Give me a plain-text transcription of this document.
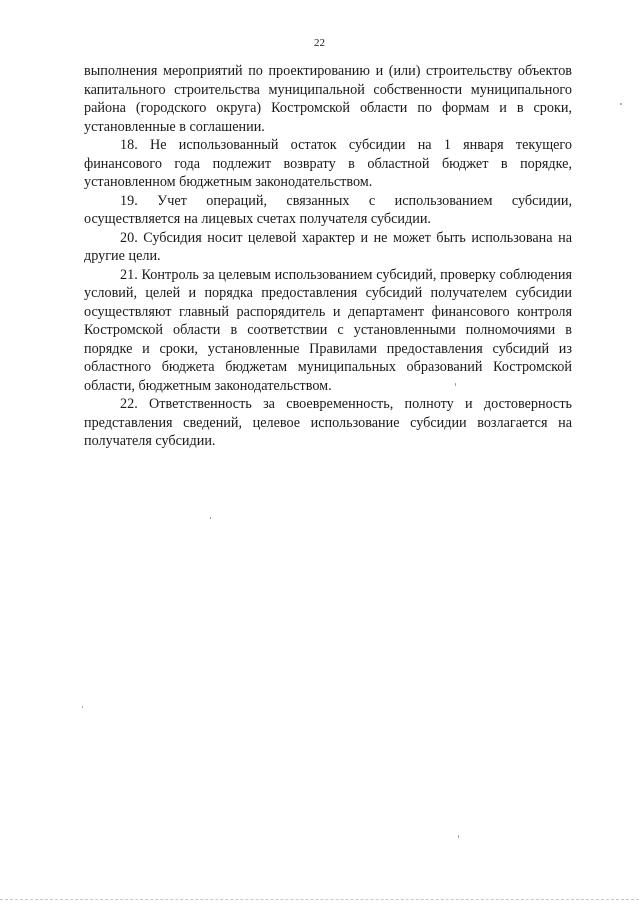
22

выполнения мероприятий по проектированию и (или) строительству объектов капитального строительства муниципальной собственности муниципального района (городского округа) Костромской области по формам и в сроки, установленные в соглашении.

18. Не использованный остаток субсидии на 1 января текущего финансового года подлежит возврату в областной бюджет в порядке, установленном бюджетным законодательством.

19. Учет операций, связанных с использованием субсидии, осуществляется на лицевых счетах получателя субсидии.

20. Субсидия носит целевой характер и не может быть использована на другие цели.

21. Контроль за целевым использованием субсидий, проверку соблюдения условий, целей и порядка предоставления субсидий получателем субсидии осуществляют главный распорядитель и департамент финансового контроля Костромской области в соответствии с установленными полномочиями в порядке и сроки, установленные Правилами предоставления субсидий из областного бюджета бюджетам муниципальных образований Костромской области, бюджетным законодательством.

22. Ответственность за своевременность, полноту и достоверность представления сведений, целевое использование субсидии возлагается на получателя субсидии.
